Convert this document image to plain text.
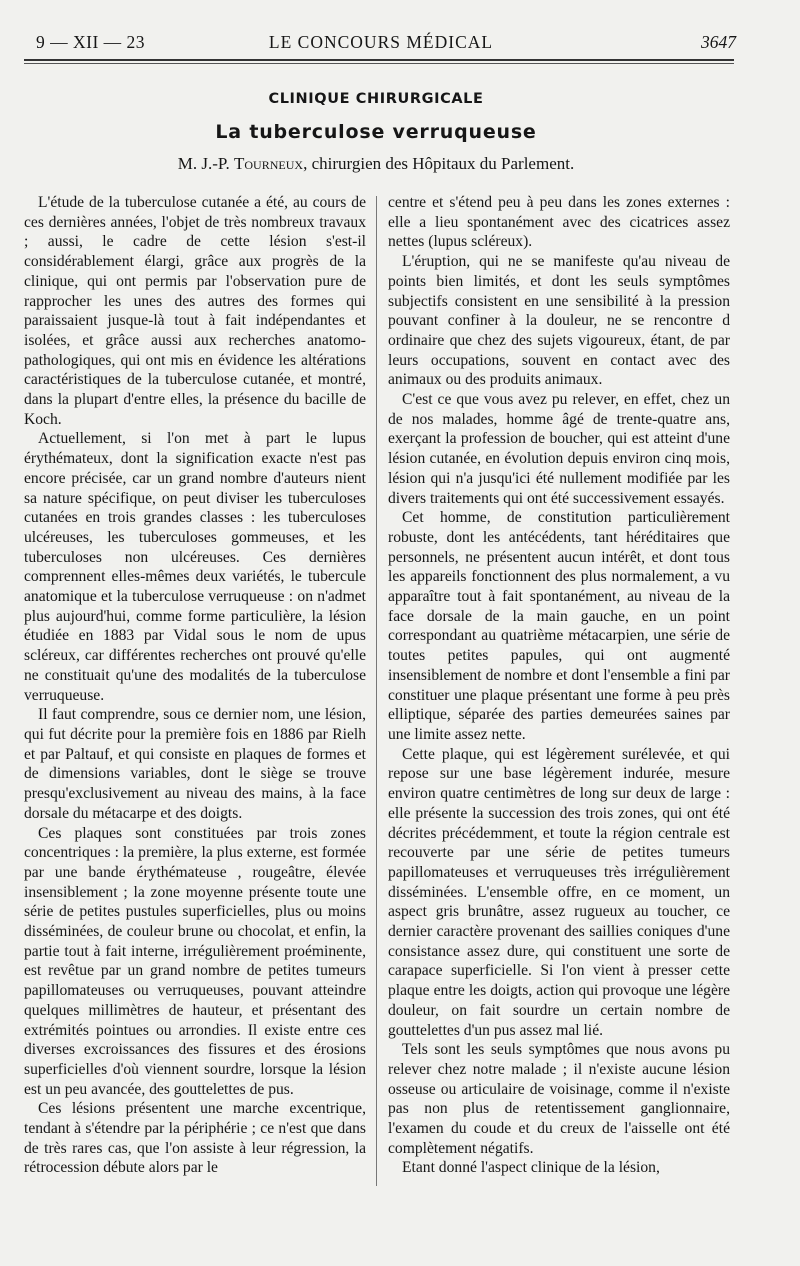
9 — XII — 23	LE CONCOURS MÉDICAL	3647
CLINIQUE CHIRURGICALE
La tuberculose verruqueuse
M. J.-P. Tourneux, chirurgien des Hôpitaux du Parlement.

L'étude de la tuberculose cutanée a été, au cours de ces dernières années, l'objet de très nombreux travaux ; aussi, le cadre de cette lésion s'est-il considérablement élargi, grâce aux progrès de la clinique, qui ont permis par l'observation pure de rapprocher les unes des autres des formes qui paraissaient jusque-là tout à fait indépendantes et isolées, et grâce aussi aux recherches anatomo-pathologiques, qui ont mis en évidence les altérations caractéristiques de la tuberculose cutanée, et montré, dans la plupart d'entre elles, la présence du bacille de Koch.

Actuellement, si l'on met à part le lupus érythémateux, dont la signification exacte n'est pas encore précisée, car un grand nombre d'auteurs nient sa nature spécifique, on peut diviser les tuberculoses cutanées en trois grandes classes : les tuberculoses ulcéreuses, les tuberculoses gommeuses, et les tuberculoses non ulcéreuses. Ces dernières comprennent elles-mêmes deux variétés, le tubercule anatomique et la tuberculose verruqueuse : on n'admet plus aujourd'hui, comme forme particulière, la lésion étudiée en 1883 par Vidal sous le nom de upus scléreux, car différentes recherches ont prouvé qu'elle ne constituait qu'une des modalités de la tuberculose verruqueuse.

Il faut comprendre, sous ce dernier nom, une lésion, qui fut décrite pour la première fois en 1886 par Rielh et par Paltauf, et qui consiste en plaques de formes et de dimensions variables, dont le siège se trouve presqu'exclusivement au niveau des mains, à la face dorsale du métacarpe et des doigts.

Ces plaques sont constituées par trois zones concentriques : la première, la plus externe, est formée par une bande érythémateuse , rougeâtre, élevée insensiblement ; la zone moyenne présente toute une série de petites pustules superficielles, plus ou moins disséminées, de couleur brune ou chocolat, et enfin, la partie tout à fait interne, irrégulièrement proéminente, est revêtue par un grand nombre de petites tumeurs papillomateuses ou verruqueuses, pouvant atteindre quelques millimètres de hauteur, et présentant des extrémités pointues ou arrondies. Il existe entre ces diverses excroissances des fissures et des érosions superficielles d'où viennent sourdre, lorsque la lésion est un peu avancée, des gouttelettes de pus.

Ces lésions présentent une marche excentrique, tendant à s'étendre par la périphérie ; ce n'est que dans de très rares cas, que l'on assiste à leur régression, la rétrocession débute alors par le

centre et s'étend peu à peu dans les zones externes : elle a lieu spontanément avec des cicatrices assez nettes (lupus scléreux).

L'éruption, qui ne se manifeste qu'au niveau de points bien limités, et dont les seuls symptômes subjectifs consistent en une sensibilité à la pression pouvant confiner à la douleur, ne se rencontre d ordinaire que chez des sujets vigoureux, étant, de par leurs occupations, souvent en contact avec des animaux ou des produits animaux.

C'est ce que vous avez pu relever, en effet, chez un de nos malades, homme âgé de trente-quatre ans, exerçant la profession de boucher, qui est atteint d'une lésion cutanée, en évolution depuis environ cinq mois, lésion qui n'a jusqu'ici été nullement modifiée par les divers traitements qui ont été successivement essayés.

Cet homme, de constitution particulièrement robuste, dont les antécédents, tant héréditaires que personnels, ne présentent aucun intérêt, et dont tous les appareils fonctionnent des plus normalement, a vu apparaître tout à fait spontanément, au niveau de la face dorsale de la main gauche, en un point correspondant au quatrième métacarpien, une série de toutes petites papules, qui ont augmenté insensiblement de nombre et dont l'ensemble a fini par constituer une plaque présentant une forme à peu près elliptique, séparée des parties demeurées saines par une limite assez nette.

Cette plaque, qui est légèrement surélevée, et qui repose sur une base légèrement indurée, mesure environ quatre centimètres de long sur deux de large : elle présente la succession des trois zones, qui ont été décrites précédemment, et toute la région centrale est recouverte par une série de petites tumeurs papillomateuses et verruqueuses très irrégulièrement disséminées. L'ensemble offre, en ce moment, un aspect gris brunâtre, assez rugueux au toucher, ce dernier caractère provenant des saillies coniques d'une consistance assez dure, qui constituent une sorte de carapace superficielle. Si l'on vient à presser cette plaque entre les doigts, action qui provoque une légère douleur, on fait sourdre un certain nombre de gouttelettes d'un pus assez mal lié.

Tels sont les seuls symptômes que nous avons pu relever chez notre malade ; il n'existe aucune lésion osseuse ou articulaire de voisinage, comme il n'existe pas non plus de retentissement ganglionnaire, l'examen du coude et du creux de l'aisselle ont été complètement négatifs.

Etant donné l'aspect clinique de la lésion,
